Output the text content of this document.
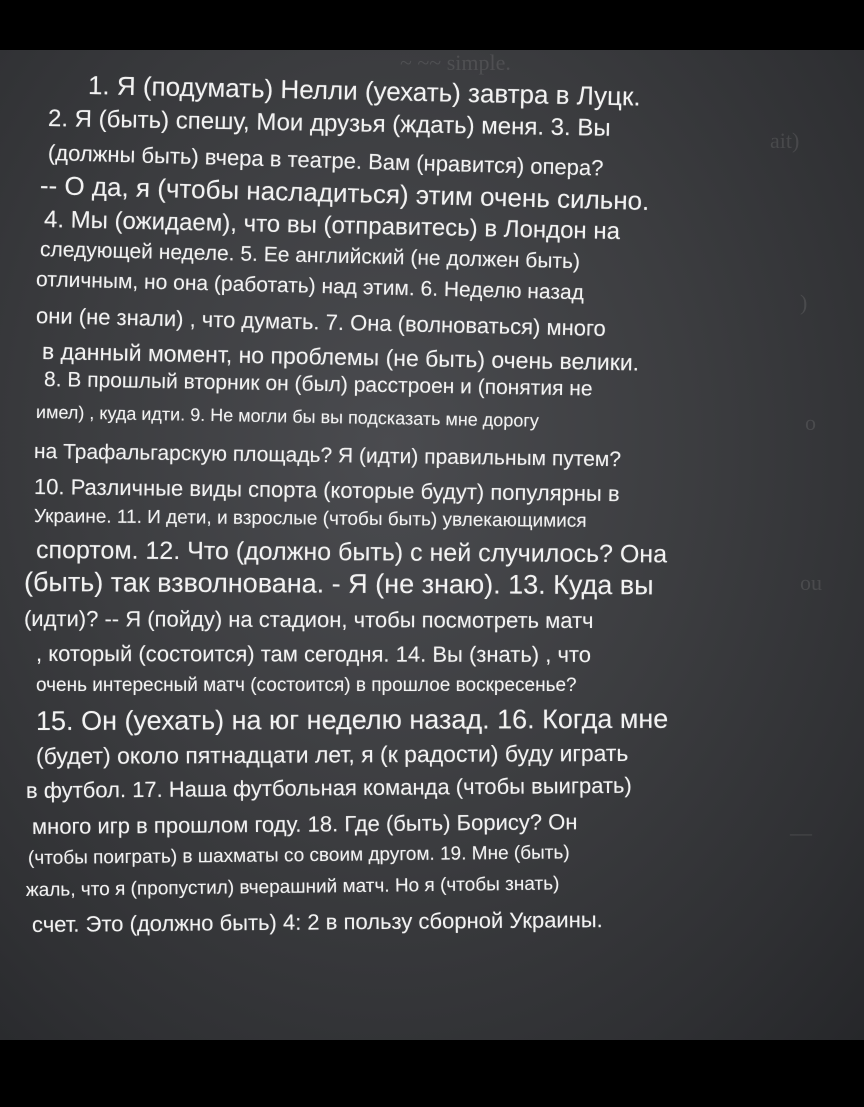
~ ~~ simple.
ait)
)
o
ou
—
1. Я (подумать) Нелли (уехать) завтра в Луцк.
2. Я (быть) спешу, Мои друзья (ждать) меня. 3. Вы
(должны быть) вчера в театре. Вам (нравится) опера?
-- О да, я (чтобы насладиться) этим очень сильно.
4. Мы (ожидаем), что вы (отправитесь) в Лондон на
следующей неделе. 5. Ее английский (не должен быть)
отличным, но она (работать) над этим. 6. Неделю назад
они (не знали) , что думать. 7. Она (волноваться) много
в данный момент, но проблемы (не быть) очень велики.
8. В прошлый вторник он (был) расстроен и (понятия не
имел) , куда идти. 9. Не могли бы вы подсказать мне дорогу
на Трафальгарскую площадь? Я (идти) правильным путем?
10. Различные виды спорта (которые будут) популярны в
Украине. 11. И дети, и взрослые (чтобы быть) увлекающимися
спортом. 12. Что (должно быть) с ней случилось? Она
(быть) так взволнована. - Я (не знаю). 13. Куда вы
(идти)? -- Я (пойду) на стадион, чтобы посмотреть матч
, который (состоится) там сегодня. 14. Вы (знать) , что
очень интересный матч (состоится) в прошлое воскресенье?
15. Он (уехать) на юг неделю назад. 16. Когда мне
(будет) около пятнадцати лет, я (к радости) буду играть
в футбол. 17. Наша футбольная команда (чтобы выиграть)
много игр в прошлом году. 18. Где (быть) Борису? Он
(чтобы поиграть) в шахматы со своим другом. 19. Мне (быть)
жаль, что я (пропустил) вчерашний матч. Но я (чтобы знать)
счет. Это (должно быть) 4: 2 в пользу сборной Украины.
